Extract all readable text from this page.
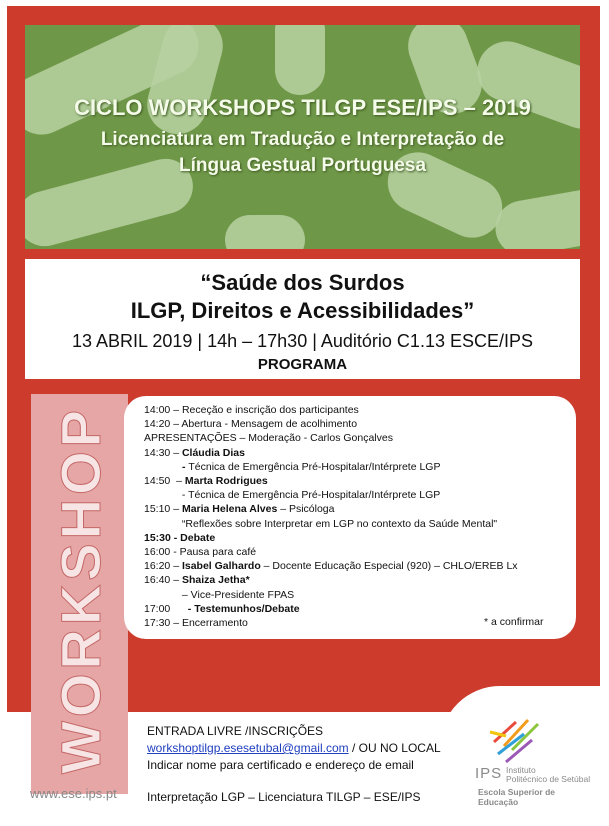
CICLO WORKSHOPS TILGP ESE/IPS – 2019
Licenciatura em Tradução e Interpretação de
Língua Gestual Portuguesa
“Saúde dos Surdos
ILGP, Direitos e Acessibilidades”
13 ABRIL 2019 | 14h – 17h30 | Auditório C1.13 ESCE/IPS
PROGRAMA
WORKSHOP	14:00 – Receção e inscrição dos participantes
14:20 – Abertura - Mensagem de acolhimento
APRESENTAÇÕES – Moderação - Carlos Gonçalves
14:30 – Cláudia Dias
- Técnica de Emergência Pré-Hospitalar/Intérprete LGP
14:50  – Marta Rodrigues
- Técnica de Emergência Pré-Hospitalar/Intérprete LGP
15:10 – Maria Helena Alves – Psicóloga
“Reflexões sobre Interpretar em LGP no contexto da Saúde Mental"
15:30 - Debate
16:00 - Pausa para café
16:20 – Isabel Galhardo – Docente Educação Especial (920) – CHLO/EREB Lx
16:40 – Shaiza Jetha*
– Vice-Presidente FPAS
17:00      - Testemunhos/Debate
17:30 – Encerramento	* a confirmar
ENTRADA LIVRE /INSCRIÇÕES
workshoptilgp.esesetubal@gmail.com / OU NO LOCAL
Indicar nome para certificado e endereço de email
Interpretação LGP – Licenciatura TILGP – ESE/IPS
www.ese.ips.pt
IPS Instituto
Politécnico de Setúbal
Escola Superior de
Educação
